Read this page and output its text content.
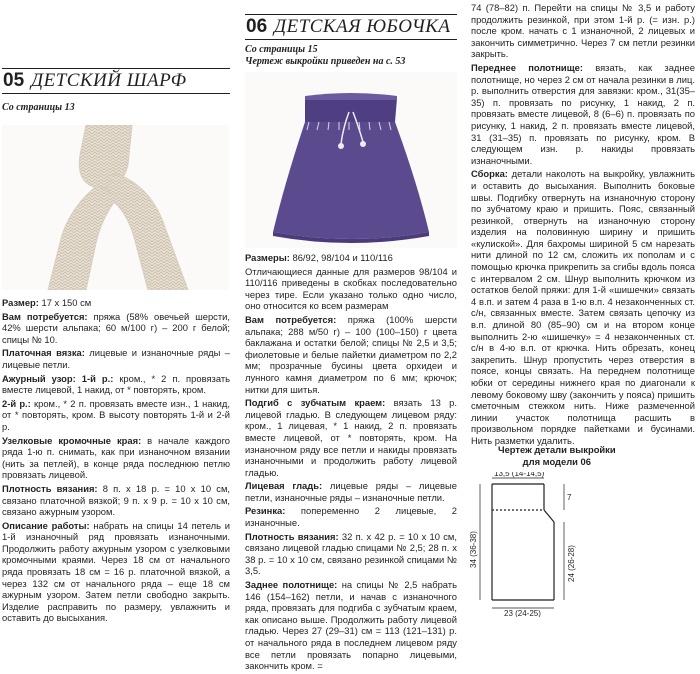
05 ДЕТСКИЙ ШАРФ
Со страницы 13

Размер: 17 x 150 см

Вам потребуется: пряжа (58% овечьей шерсти, 42% шерсти альпака; 60 м/100 г) – 200 г белой; спицы № 10.

Платочная вязка: лицевые и изнаночные ряды – лицевые петли.

Ажурный узор: 1-й р.: кром., * 2 п. провязать вместе лицевой, 1 накид, от * повторять, кром.

2-й р.: кром., * 2 п. провязать вместе изн., 1 накид, от * повторять, кром. В высоту повторять 1-й и 2-й р.

Узелковые кромочные края: в начале каждого ряда 1-ю п. снимать, как при изнаночном вязании (нить за петлей), в конце ряда последнюю петлю провязать лицевой.

Плотность вязания: 8 п. x 18 р. = 10 x 10 см, связано платочной вязкой; 9 п. x 9 р. = 10 x 10 см, связано ажурным узором.

Описание работы: набрать на спицы 14 петель и 1-й изнаночный ряд провязать изнаночными. Продолжить работу ажурным узором с узелковыми кромочными краями. Через 18 см от начального ряда провязать 18 см = 16 р. платочной вязкой, а через 132 см от начального ряда – еще 18 см ажурным узором. Затем петли свободно закрыть. Изделие расправить по размеру, увлажнить и оставить до высыхания.

06 ДЕТСКАЯ ЮБОЧКА
Со страницы 15
Чертеж выкройки приведен на с. 53

Размеры: 86/92, 98/104 и 110/116

Отличающиеся данные для размеров 98/104 и 110/116 приведены в скобках последовательно через тире. Если указано только одно число, оно относится ко всем размерам

Вам потребуется: пряжа (100% шерсти альпака; 288 м/50 г) – 100 (100–150) г цвета баклажана и остатки белой; спицы № 2,5 и 3,5; фиолетовые и белые пайетки диаметром по 2,2 мм; прозрачные бусины цвета орхидеи и лунного камня диаметром по 6 мм; крючок; нитки для шитья.

Подгиб с зубчатым краем: вязать 13 р. лицевой гладью. В следующем лицевом ряду: кром., 1 лицевая, * 1 накид, 2 п. провязать вместе лицевой, от * повторять, кром. На изнаночном ряду все петли и накиды провязать изнаночными и продолжить работу лицевой гладью.

Лицевая гладь: лицевые ряды – лицевые петли, изнаночные ряды – изнаночные петли.

Резинка: попеременно 2 лицевые, 2 изнаночные.

Плотность вязания: 32 п. x 42 р. = 10 x 10 см, связано лицевой гладью спицами № 2,5; 28 п. x 38 р. = 10 x 10 см, связано резинкой спицами № 3,5.

Заднее полотнище: на спицы № 2,5 набрать 146 (154–162) петли, и начав с изнаночного ряда, провязать для подгиба с зубчатым краем, как описано выше. Продолжить работу лицевой гладью. Через 27 (29–31) см = 113 (121–131) р. от начального ряда в последнем лицевом ряду все петли провязать попарно лицевыми, закончить кром. =

74 (78–82) п. Перейти на спицы № 3,5 и работу продолжить резинкой, при этом 1-й р. (= изн. р.) после кром. начать с 1 изнаночной, 2 лицевых и закончить симметрично. Через 7 см петли резинки закрыть.

Переднее полотнище: вязать, как заднее полотнище, но через 2 см от начала резинки в лиц. р. выполнить отверстия для завязки: кром., 31(35–35) п. провязать по рисунку, 1 накид, 2 п. провязать вместе лицевой, 8 (6–6) п. провязать по рисунку, 1 накид, 2 п. провязать вместе лицевой, 31 (31–35) п. провязать по рисунку, кром. В следующем изн. р. накиды провязать изнаночными.

Сборка: детали наколоть на выкройку, увлажнить и оставить до высыхания. Выполнить боковые швы. Подгибку отвернуть на изнаночную сторону по зубчатому краю и пришить. Пояс, связанный резинкой, отвернуть на изнаночную сторону изделия на половинную ширину и пришить «кулиской». Для бахромы шириной 5 см нарезать нити длиной по 12 см, сложить их пополам и с помощью крючка прикрепить за сгибы вдоль пояса с интервалом 2 см. Шнур выполнить крючком из остатков белой пряжи: для 1-й «шишечки» связать 4 в.п. и затем 4 раза в 1-ю в.п. 4 незаконченных ст. с/н, связанных вместе. Затем связать цепочку из в.п. длиной 80 (85–90) см и на втором конце выполнить 2-ю «шишечку» = 4 незаконченных ст. с/н в 4-ю в.п. от крючка. Нить обрезать, конец закрепить. Шнур пропустить через отверстия в поясе, концы связать. На переднем полотнище юбки от середины нижнего края по диагонали к левому боковому шву (закончить у пояса) пришить сметочным стежком нить. Ниже размеченной линии участок полотнища расшить в произвольном порядке пайетками и бусинами. Нить разметки удалить.

Чертеж детали выкройки
для модели 06
13,5 (14-14,5)
7
34 (36-38)	24 (26-28)
23 (24-25)
